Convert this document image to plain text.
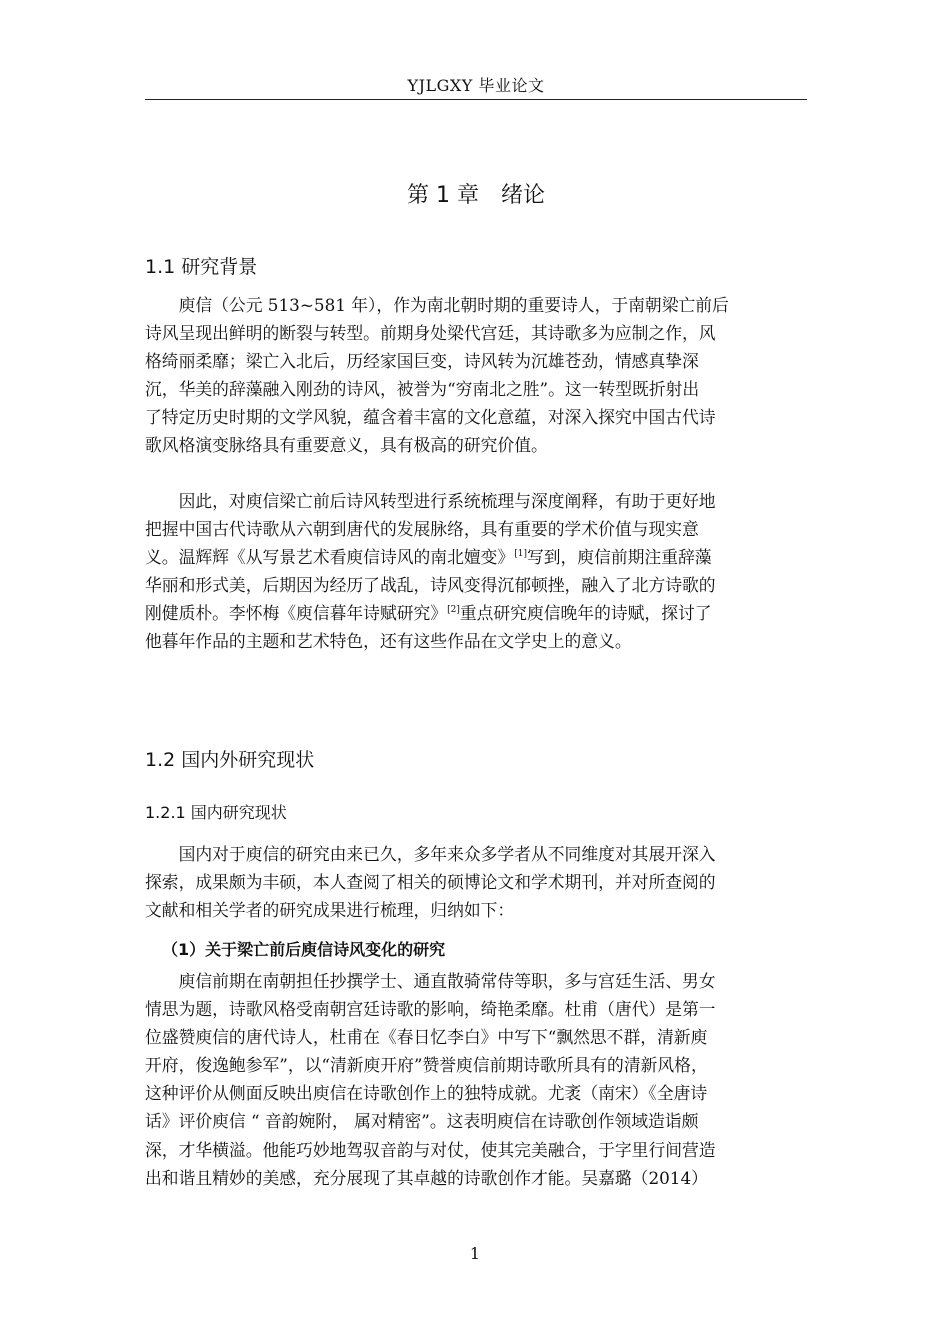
YJLGXY 毕业论文
第 1 章　绪论
1.1 研究背景
　　庾信（公元 513~581 年），作为南北朝时期的重要诗人，于南朝梁亡前后
诗风呈现出鲜明的断裂与转型。前期身处梁代宫廷，其诗歌多为应制之作，风
格绮丽柔靡；梁亡入北后，历经家国巨变，诗风转为沉雄苍劲，情感真挚深
沉，华美的辞藻融入刚劲的诗风，被誉为“穷南北之胜”。这一转型既折射出
了特定历史时期的文学风貌，蕴含着丰富的文化意蕴，对深入探究中国古代诗
歌风格演变脉络具有重要意义，具有极高的研究价值。
　　因此，对庾信梁亡前后诗风转型进行系统梳理与深度阐释，有助于更好地
把握中国古代诗歌从六朝到唐代的发展脉络，具有重要的学术价值与现实意
义。温辉辉《从写景艺术看庾信诗风的南北嬗变》[1]写到，庾信前期注重辞藻
华丽和形式美，后期因为经历了战乱，诗风变得沉郁顿挫，融入了北方诗歌的
刚健质朴。李怀梅《庾信暮年诗赋研究》[2]重点研究庾信晚年的诗赋，探讨了
他暮年作品的主题和艺术特色，还有这些作品在文学史上的意义。
1.2 国内外研究现状
1.2.1 国内研究现状
　　国内对于庾信的研究由来已久，多年来众多学者从不同维度对其展开深入
探索，成果颇为丰硕，本人查阅了相关的硕博论文和学术期刊，并对所查阅的
文献和相关学者的研究成果进行梳理，归纳如下：
（1）关于梁亡前后庾信诗风变化的研究
　　庾信前期在南朝担任抄撰学士、通直散骑常侍等职，多与宫廷生活、男女
情思为题，诗歌风格受南朝宫廷诗歌的影响，绮艳柔靡。杜甫（唐代）是第一
位盛赞庾信的唐代诗人，杜甫在《春日忆李白》中写下“飘然思不群，清新庾
开府，俊逸鲍参军”，以“清新庾开府”赞誉庾信前期诗歌所具有的清新风格，
这种评价从侧面反映出庾信在诗歌创作上的独特成就。尤袤（南宋）《全唐诗
话》评价庾信 “ 音韵婉附， 属对精密”。这表明庾信在诗歌创作领域造诣颇
深，才华横溢。他能巧妙地驾驭音韵与对仗，使其完美融合，于字里行间营造
出和谐且精妙的美感，充分展现了其卓越的诗歌创作才能。吴嘉璐（2014）
1
